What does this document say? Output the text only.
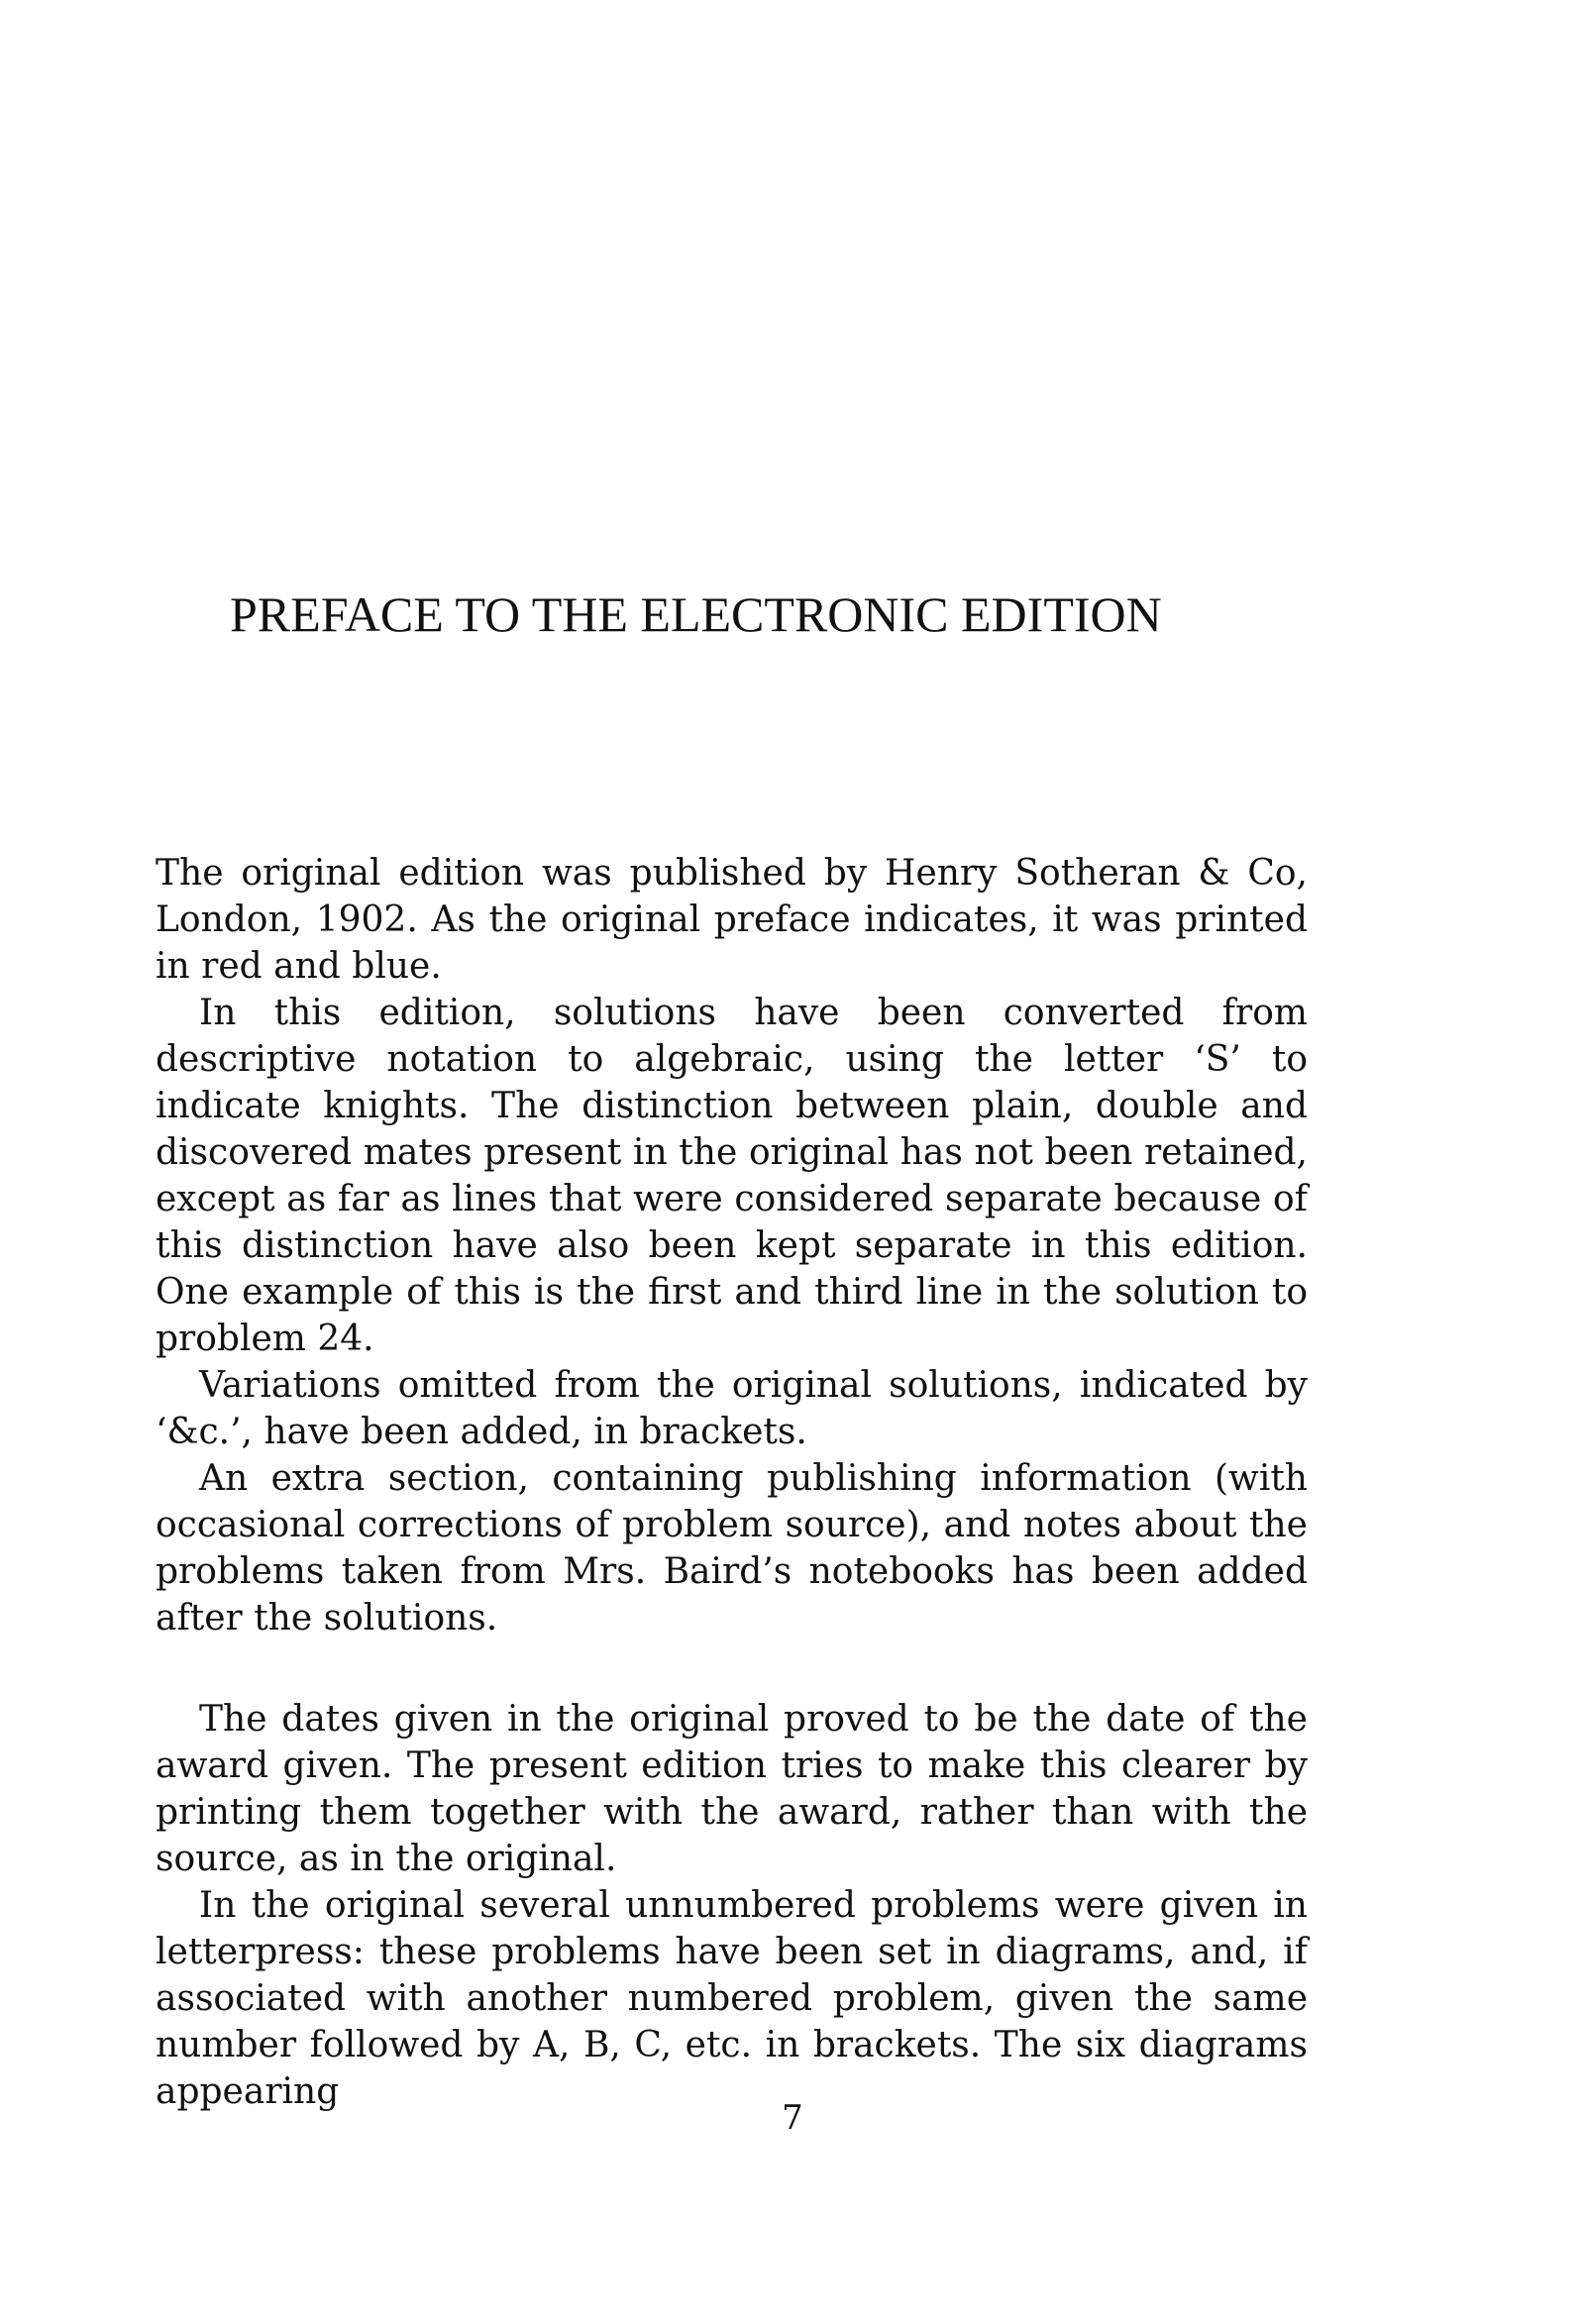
PREFACE TO THE ELECTRONIC EDITION

The original edition was published by Henry Sotheran & Co, London, 1902. As the original preface indicates, it was printed in red and blue.

In this edition, solutions have been converted from descriptive notation to algebraic, using the letter ‘S’ to indicate knights. The distinction between plain, double and discovered mates present in the original has not been retained, except as far as lines that were considered separate because of this distinction have also been kept separate in this edition. One example of this is the first and third line in the solution to problem 24.

Variations omitted from the original solutions, indicated by ‘&c.’, have been added, in brackets.

An extra section, containing publishing information (with occasional corrections of problem source), and notes about the problems taken from Mrs. Baird’s notebooks has been added after the solutions.

The dates given in the original proved to be the date of the award given. The present edition tries to make this clearer by printing them together with the award, rather than with the source, as in the original.

In the original several unnumbered problems were given in letterpress: these problems have been set in diagrams, and, if associated with another numbered problem, given the same number followed by A, B, C, etc. in brackets. The six diagrams appearing

7
